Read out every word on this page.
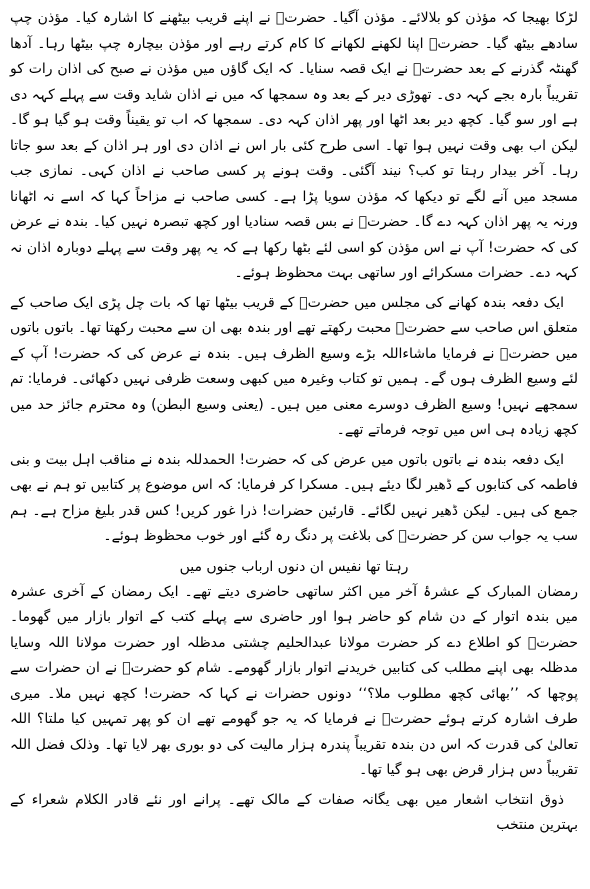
لڑکا بھیجا کہ مؤذن کو بلالائے۔ مؤذن آگیا۔ حضرتؒ نے اپنے قریب بیٹھنے کا اشارہ کیا۔ مؤذن چپ سادھے بیٹھ گیا۔ حضرتؒ اپنا لکھنے لکھانے کا کام کرتے رہے اور مؤذن بیچارہ چپ بیٹھا رہا۔ آدھا گھنٹہ گذرنے کے بعد حضرتؒ نے ایک قصہ سنایا۔ کہ ایک گاؤں میں مؤذن نے صبح کی اذان رات کو تقریباً بارہ بجے کہہ دی۔ تھوڑی دیر کے بعد وہ سمجھا کہ میں نے اذان شاید وقت سے پہلے کہہ دی ہے اور سو گیا۔ کچھ دیر بعد اٹھا اور پھر اذان کہہ دی۔ سمجھا کہ اب تو یقیناً وقت ہو گیا ہو گا۔ لیکن اب بھی وقت نہیں ہوا تھا۔ اسی طرح کئی بار اس نے اذان دی اور ہر اذان کے بعد سو جاتا رہا۔ آخر بیدار رہتا تو کب؟ نیند آگئی۔ وقت ہونے پر کسی صاحب نے اذان کہی۔ نمازی جب مسجد میں آنے لگے تو دیکھا کہ مؤذن سویا پڑا ہے۔ کسی صاحب نے مزاحاً کہا کہ اسے نہ اٹھانا ورنہ یہ پھر اذان کہہ دے گا۔ حضرتؒ نے بس قصہ سنادیا اور کچھ تبصرہ نہیں کیا۔ بندہ نے عرض کی کہ حضرت! آپ نے اس مؤذن کو اسی لئے بٹھا رکھا ہے کہ یہ پھر وقت سے پہلے دوبارہ اذان نہ کہہ دے۔ حضرات مسکرائے اور ساتھی بہت محظوظ ہوئے۔

ایک دفعہ بندہ کھانے کی مجلس میں حضرتؒ کے قریب بیٹھا تھا کہ بات چل پڑی ایک صاحب کے متعلق اس صاحب سے حضرتؒ محبت رکھتے تھے اور بندہ بھی ان سے محبت رکھتا تھا۔ باتوں باتوں میں حضرتؒ نے فرمایا ماشاءاللہ بڑے وسیع الظرف ہیں۔ بندہ نے عرض کی کہ حضرت! آپ کے لئے وسیع الظرف ہوں گے۔ ہمیں تو کتاب وغیرہ میں کبھی وسعت ظرفی نہیں دکھائی۔ فرمایا: تم سمجھے نہیں! وسیع الظرف دوسرے معنی میں ہیں۔ (یعنی وسیع البطن) وہ محترم جائز حد میں کچھ زیادہ ہی اس میں توجہ فرماتے تھے۔

ایک دفعہ بندہ نے باتوں باتوں میں عرض کی کہ حضرت! الحمدللہ بندہ نے مناقب اہل بیت و بنی فاطمہ کی کتابوں کے ڈھیر لگا دیئے ہیں۔ مسکرا کر فرمایا: کہ اس موضوع پر کتابیں تو ہم نے بھی جمع کی ہیں۔ لیکن ڈھیر نہیں لگائے۔ قارئین حضرات! ذرا غور کریں! کس قدر بلیغ مزاح ہے۔ ہم سب یہ جواب سن کر حضرتؒ کی بلاغت پر دنگ رہ گئے اور خوب محظوظ ہوئے۔

رہتا تھا نفیس ان دنوں ارباب جنوں میں

رمضان المبارک کے عشرۂ آخر میں اکثر ساتھی حاضری دیتے تھے۔ ایک رمضان کے آخری عشرہ میں بندہ اتوار کے دن شام کو حاضر ہوا اور حاضری سے پہلے کتب کے اتوار بازار میں گھوما۔ حضرتؒ کو اطلاع دے کر حضرت مولانا عبدالحلیم چشتی مدظلہ اور حضرت مولانا اللہ وسایا مدظلہ بھی اپنے مطلب کی کتابیں خریدنے اتوار بازار گھومے۔ شام کو حضرتؒ نے ان حضرات سے پوچھا کہ ’’بھائی کچھ مطلوب ملا؟‘‘ دونوں حضرات نے کہا کہ حضرت! کچھ نہیں ملا۔ میری طرف اشارہ کرتے ہوئے حضرتؒ نے فرمایا کہ یہ جو گھومے تھے ان کو پھر تمہیں کیا ملتا؟ اللہ تعالیٰ کی قدرت کہ اس دن بندہ تقریباً پندرہ ہزار مالیت کی دو بوری بھر لایا تھا۔ وذلک فضل اللہ تقریباً دس ہزار قرض بھی ہو گیا تھا۔

ذوق انتخاب اشعار میں بھی یگانہ صفات کے مالک تھے۔ پرانے اور نئے قادر الکلام شعراء کے بہترین منتخب
